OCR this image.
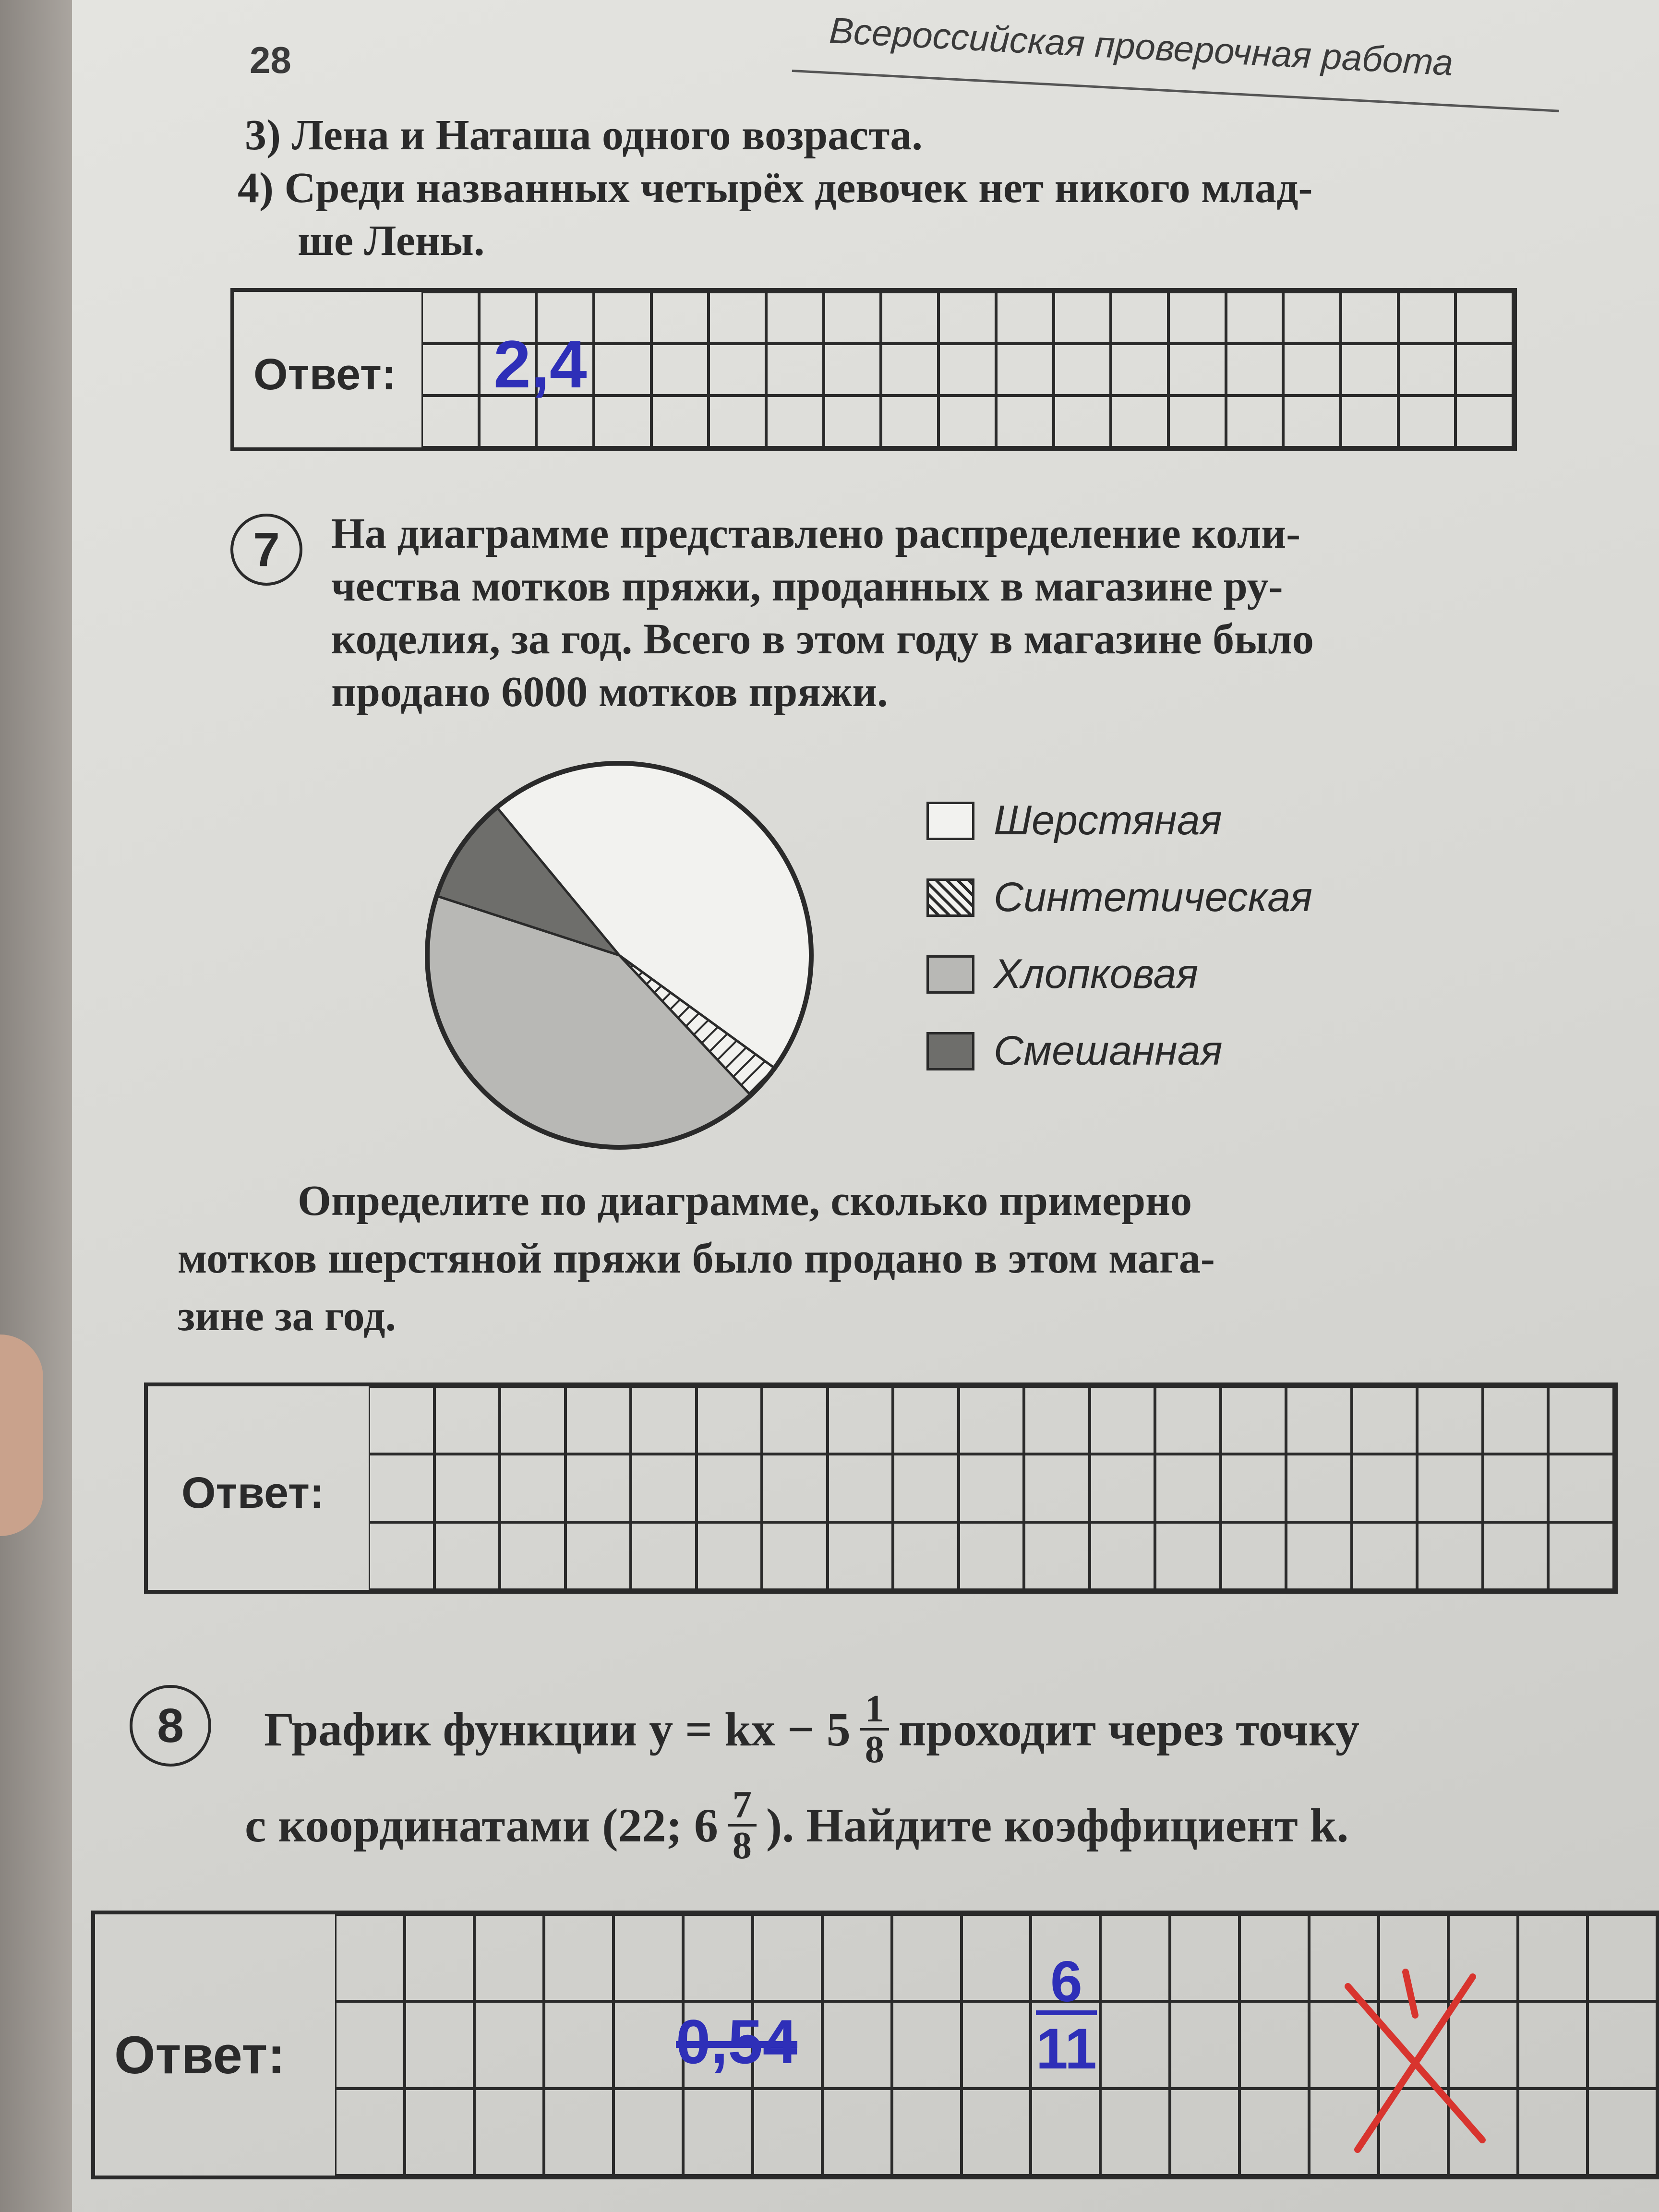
28	Всероссийская проверочная работа
3) Лена и Наташа одного возраста.
4) Среди названных четырёх девочек нет никого млад-
ше Лены.
Ответ: 2,4
7	На диаграмме представлено распределение коли-
чества мотков пряжи, проданных в магазине ру-
коделия, за год. Всего в этом году в магазине было
продано 6000 мотков пряжи.
Шерстяная
Синтетическая
Хлопковая
Смешанная
Определите по диаграмме, сколько примерно
мотков шерстяной пряжи было продано в этом мага-
зине за год.
Ответ:
8	График функции y = kx − $5 \frac{1}{8}$ проходит через точку
с координатами (22; $6 \frac{7}{8}$ ). Найдите коэффициент k.
Ответ:	0,54	$\frac{6}{11}$
